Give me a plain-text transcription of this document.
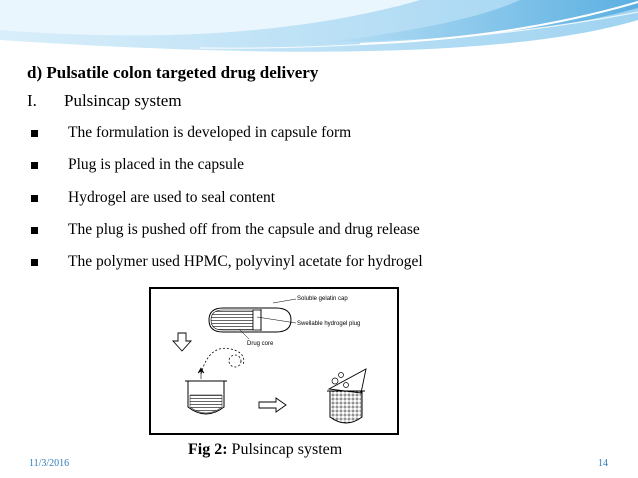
d) Pulsatile colon targeted drug delivery
I. Pulsincap system
The formulation is developed in capsule form
Plug is placed in the capsule
Hydrogel are used to seal content
The plug is pushed off from the capsule and drug release
The polymer used HPMC, polyvinyl acetate for hydrogel
Soluble gelatin cap
Swellable hydrogel plug
Drug core
Fig 2: Pulsincap system
11/3/2016	14
